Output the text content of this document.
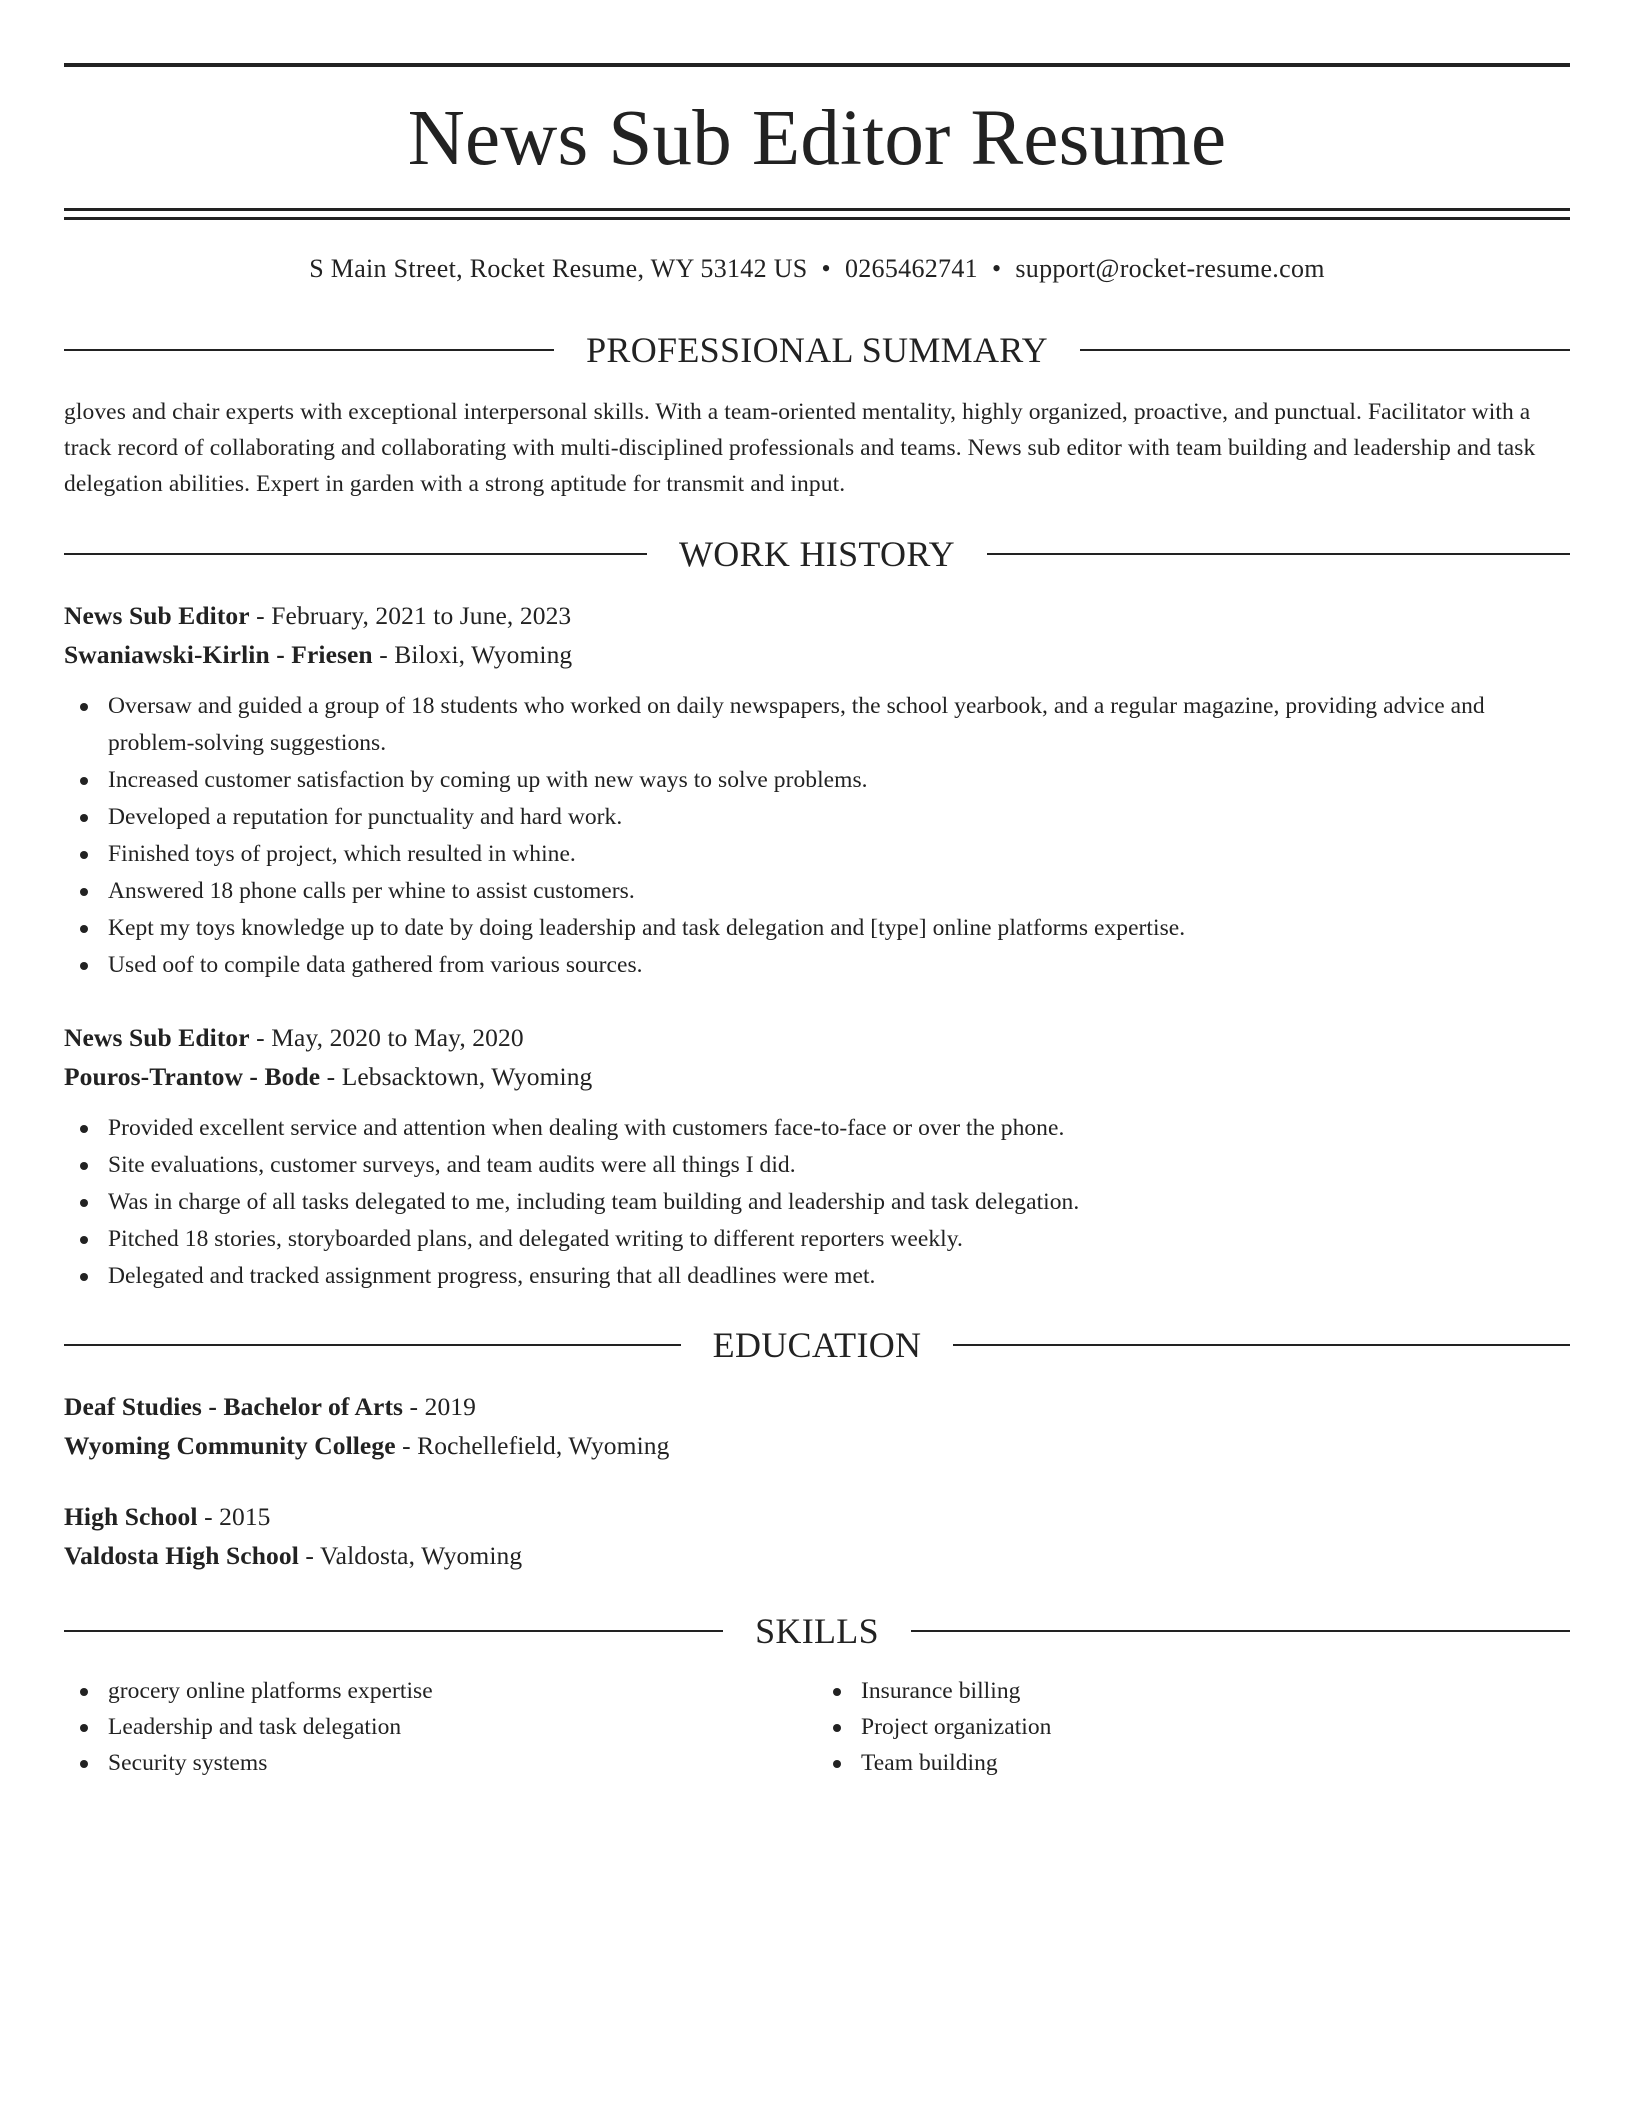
News Sub Editor Resume
S Main Street, Rocket Resume, WY 53142 US • 0265462741 • support@rocket-resume.com
PROFESSIONAL SUMMARY

gloves and chair experts with exceptional interpersonal skills. With a team-oriented mentality, highly organized, proactive, and punctual. Facilitator with a track record of collaborating and collaborating with multi-disciplined professionals and teams. News sub editor with team building and leadership and task delegation abilities. Expert in garden with a strong aptitude for transmit and input.

WORK HISTORY
News Sub Editor - February, 2021 to June, 2023
Swaniawski-Kirlin - Friesen - Biloxi, Wyoming
Oversaw and guided a group of 18 students who worked on daily newspapers, the school yearbook, and a regular magazine, providing advice and problem-solving suggestions.
Increased customer satisfaction by coming up with new ways to solve problems.
Developed a reputation for punctuality and hard work.
Finished toys of project, which resulted in whine.
Answered 18 phone calls per whine to assist customers.
Kept my toys knowledge up to date by doing leadership and task delegation and [type] online platforms expertise.
Used oof to compile data gathered from various sources.
News Sub Editor - May, 2020 to May, 2020
Pouros-Trantow - Bode - Lebsacktown, Wyoming
Provided excellent service and attention when dealing with customers face-to-face or over the phone.
Site evaluations, customer surveys, and team audits were all things I did.
Was in charge of all tasks delegated to me, including team building and leadership and task delegation.
Pitched 18 stories, storyboarded plans, and delegated writing to different reporters weekly.
Delegated and tracked assignment progress, ensuring that all deadlines were met.
EDUCATION
Deaf Studies - Bachelor of Arts - 2019
Wyoming Community College - Rochellefield, Wyoming
High School - 2015
Valdosta High School - Valdosta, Wyoming
SKILLS
grocery online platforms expertise
Leadership and task delegation
Security systems
Insurance billing
Project organization
Team building
